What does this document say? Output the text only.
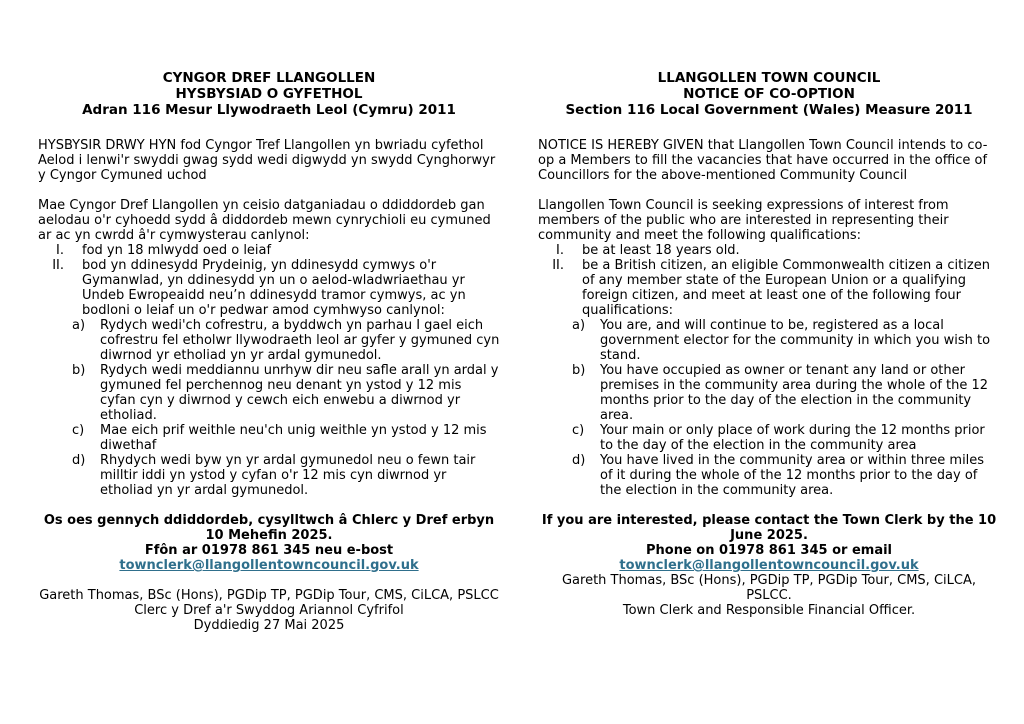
CYNGOR DREF LLANGOLLEN
HYSBYSIAD O GYFETHOL
Adran 116 Mesur Llywodraeth Leol (Cymru) 2011
HYSBYSIR DRWY HYN fod Cyngor Tref Llangollen yn bwriadu cyfethol Aelod i lenwi'r swyddi gwag sydd wedi digwydd yn swydd Cynghorwyr y Cyngor Cymuned uchod
Mae Cyngor Dref Llangollen yn ceisio datganiadau o ddiddordeb gan aelodau o'r cyhoedd sydd â diddordeb mewn cynrychioli eu cymuned ar ac yn cwrdd â'r cymwysterau canlynol:
I. fod yn 18 mlwydd oed o leiaf
II. bod yn ddinesydd Prydeinig, yn ddinesydd cymwys o'r Gymanwlad, yn ddinesydd yn un o aelod-wladwriaethau yr Undeb Ewropeaidd neu’n ddinesydd tramor cymwys, ac yn bodloni o leiaf un o'r pedwar amod cymhwyso canlynol:
a) Rydych wedi'ch cofrestru, a byddwch yn parhau I gael eich cofrestru fel etholwr llywodraeth leol ar gyfer y gymuned cyn diwrnod yr etholiad yn yr ardal gymunedol.
b) Rydych wedi meddiannu unrhyw dir neu safle arall yn ardal y gymuned fel perchennog neu denant yn ystod y 12 mis cyfan cyn y diwrnod y cewch eich enwebu a diwrnod yr etholiad.
c) Mae eich prif weithle neu'ch unig weithle yn ystod y 12 mis diwethaf
d) Rhydych wedi byw yn yr ardal gymunedol neu o fewn tair milltir iddi yn ystod y cyfan o'r 12 mis cyn diwrnod yr etholiad yn yr ardal gymunedol.
Os oes gennych ddiddordeb, cysylltwch â Chlerc y Dref erbyn 10 Mehefin 2025.
Ffôn ar 01978 861 345 neu e-bost
townclerk@llangollentowncouncil.gov.uk
Gareth Thomas, BSc (Hons), PGDip TP, PGDip Tour, CMS, CiLCA, PSLCC
Clerc y Dref a'r Swyddog Ariannol Cyfrifol
Dyddiedig 27 Mai 2025
LLANGOLLEN TOWN COUNCIL
NOTICE OF CO-OPTION
Section 116 Local Government (Wales) Measure 2011
NOTICE IS HEREBY GIVEN that Llangollen Town Council intends to co-op a Members to fill the vacancies that have occurred in the office of Councillors for the above-mentioned Community Council
Llangollen Town Council is seeking expressions of interest from members of the public who are interested in representing their community and meet the following qualifications:
I. be at least 18 years old.
II. be a British citizen, an eligible Commonwealth citizen a citizen of any member state of the European Union or a qualifying foreign citizen, and meet at least one of the following four qualifications:
a) You are, and will continue to be, registered as a local government elector for the community in which you wish to stand.
b) You have occupied as owner or tenant any land or other premises in the community area during the whole of the 12 months prior to the day of the election in the community area.
c) Your main or only place of work during the 12 months prior to the day of the election in the community area
d) You have lived in the community area or within three miles of it during the whole of the 12 months prior to the day of the election in the community area.
If you are interested, please contact the Town Clerk by the 10 June 2025.
Phone on 01978 861 345 or email
townclerk@llangollentowncouncil.gov.uk
Gareth Thomas, BSc (Hons), PGDip TP, PGDip Tour, CMS, CiLCA, PSLCC.
Town Clerk and Responsible Financial Officer.
